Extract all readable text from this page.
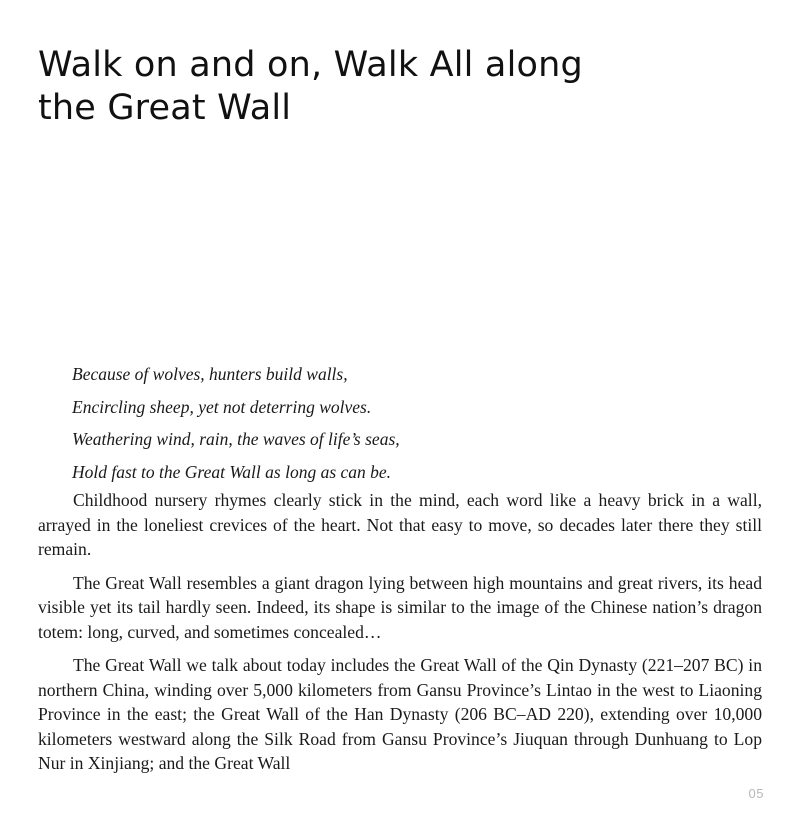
Walk on and on, Walk All along
the Great Wall
Because of wolves, hunters build walls,
Encircling sheep, yet not deterring wolves.
Weathering wind, rain, the waves of life’s seas,
Hold fast to the Great Wall as long as can be.

Childhood nursery rhymes clearly stick in the mind, each word like a heavy brick in a wall, arrayed in the loneliest crevices of the heart. Not that easy to move, so decades later there they still remain.

The Great Wall resembles a giant dragon lying between high mountains and great rivers, its head visible yet its tail hardly seen. Indeed, its shape is similar to the image of the Chinese nation’s dragon totem: long, curved, and sometimes concealed…

The Great Wall we talk about today includes the Great Wall of the Qin Dynasty (221–207 BC) in northern China, winding over 5,000 kilometers from Gansu Province’s Lintao in the west to Liaoning Province in the east; the Great Wall of the Han Dynasty (206 BC–AD 220), extending over 10,000 kilometers westward along the Silk Road from Gansu Province’s Jiuquan through Dunhuang to Lop Nur in Xinjiang; and the Great Wall

05
